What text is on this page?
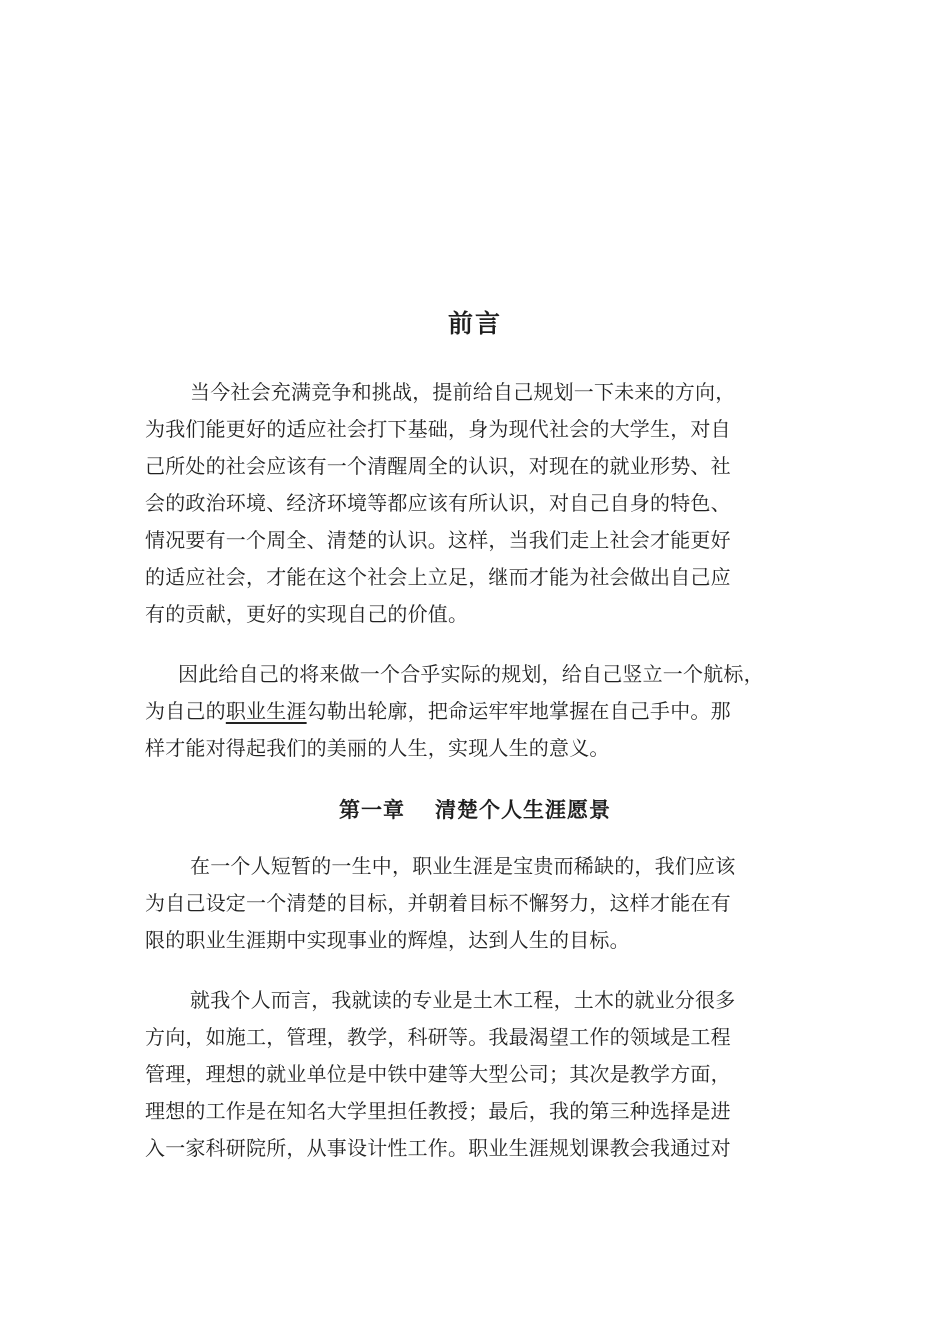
前言
当今社会充满竞争和挑战，提前给自己规划一下未来的方向，
为我们能更好的适应社会打下基础，身为现代社会的大学生，对自
己所处的社会应该有一个清醒周全的认识，对现在的就业形势、社
会的政治环境、经济环境等都应该有所认识，对自己自身的特色、
情况要有一个周全、清楚的认识。这样，当我们走上社会才能更好
的适应社会，才能在这个社会上立足，继而才能为社会做出自己应
有的贡献，更好的实现自己的价值。
因此给自己的将来做一个合乎实际的规划，给自己竖立一个航标，
为自己的职业生涯勾勒出轮廓，把命运牢牢地掌握在自己手中。那
样才能对得起我们的美丽的人生，实现人生的意义。
第一章 清楚个人生涯愿景
在一个人短暂的一生中，职业生涯是宝贵而稀缺的，我们应该
为自己设定一个清楚的目标，并朝着目标不懈努力，这样才能在有
限的职业生涯期中实现事业的辉煌，达到人生的目标。
就我个人而言，我就读的专业是土木工程，土木的就业分很多
方向，如施工，管理，教学，科研等。我最渴望工作的领域是工程
管理，理想的就业单位是中铁中建等大型公司；其次是教学方面，
理想的工作是在知名大学里担任教授；最后，我的第三种选择是进
入一家科研院所，从事设计性工作。职业生涯规划课教会我通过对
